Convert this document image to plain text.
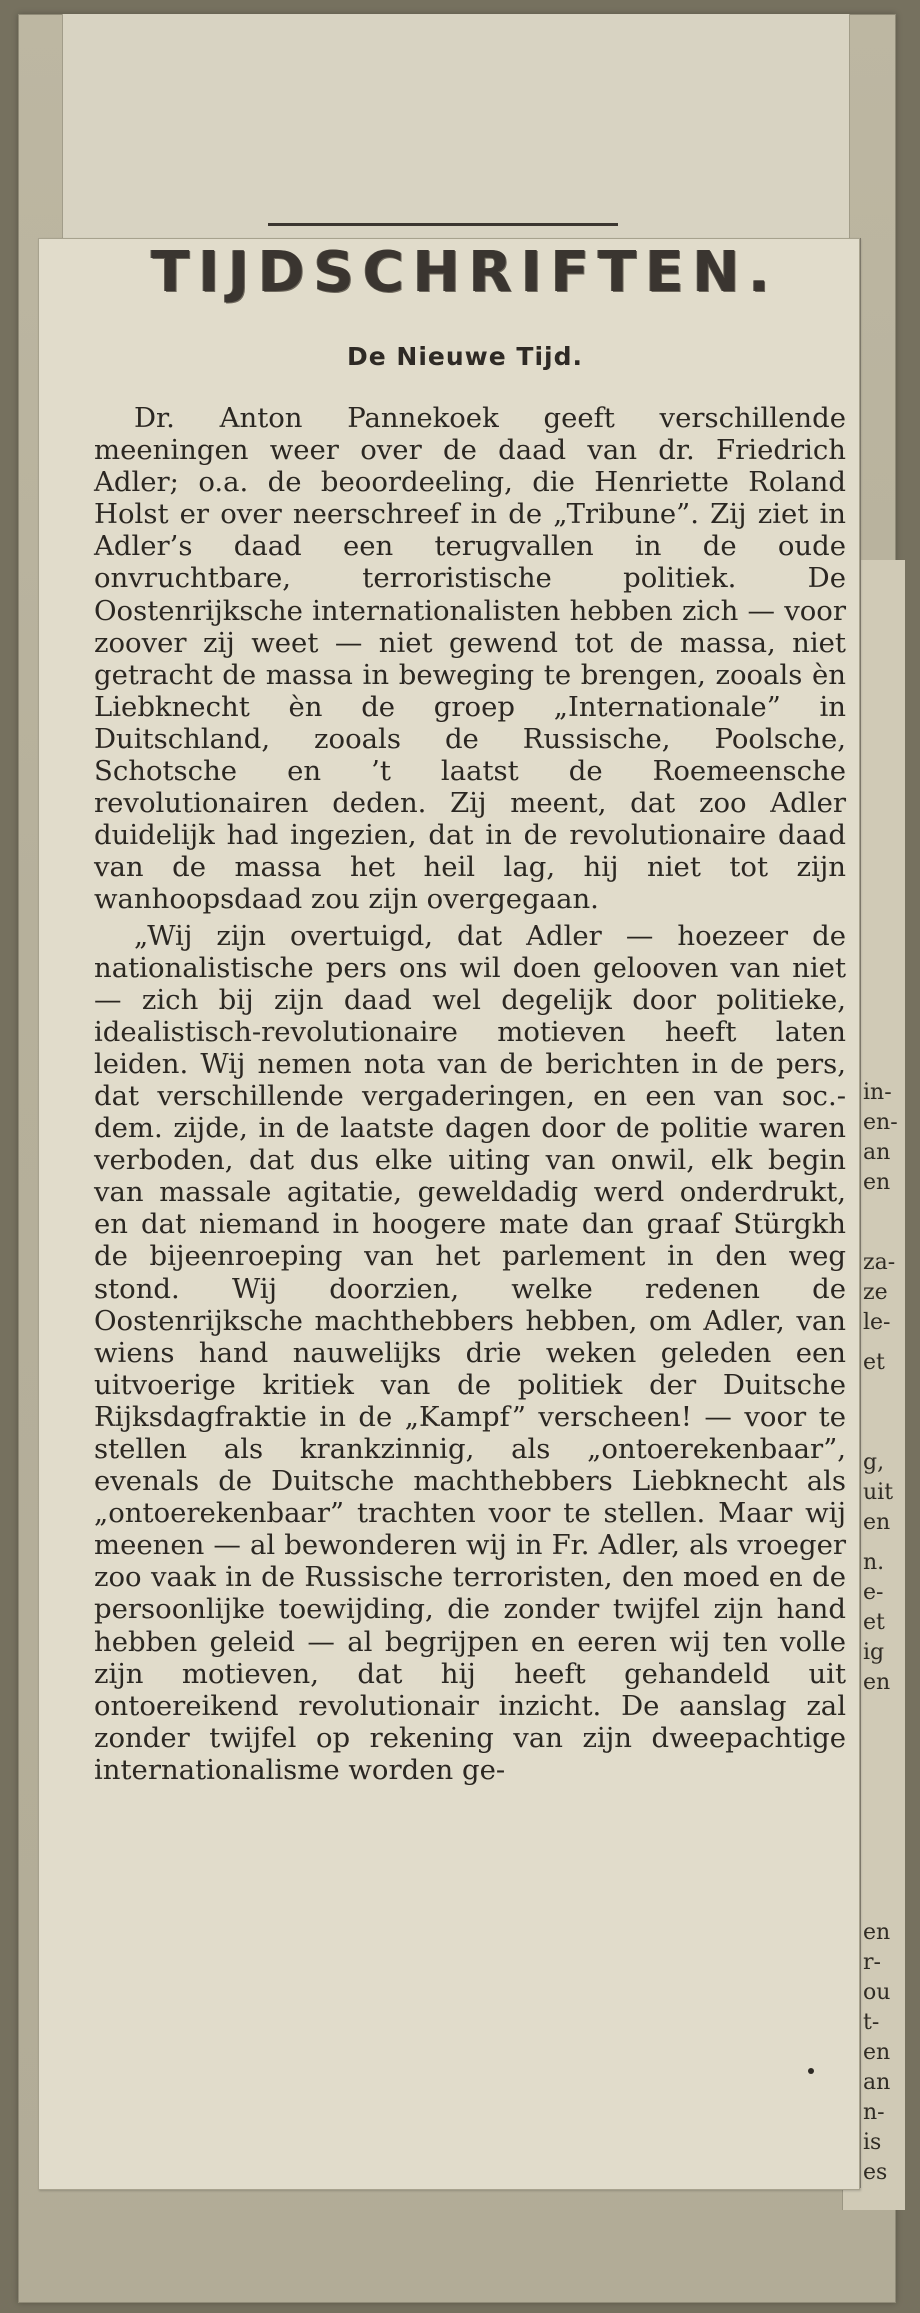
in-
en-
an
en
za-
ze
le-
et
g,
uit
en
n.
e-
et
ig
en
en
r-
ou
t-
en
an
n-
is
es
TIJDSCHRIFTEN.
De Nieuwe Tijd.

Dr. Anton Pannekoek geeft verschillende meeningen weer over de daad van dr. Friedrich Adler; o.a. de beoordeeling, die Henriette Roland Holst er over neerschreef in de „Tribune”. Zij ziet in Adler’s daad een terugvallen in de oude onvruchtbare, terroristische politiek. De Oostenrijksche internationalisten hebben zich — voor zoover zij weet — niet gewend tot de massa, niet getracht de massa in beweging te brengen, zooals èn Liebknecht èn de groep „Internationale” in Duitschland, zooals de Russische, Poolsche, Schotsche en ’t laatst de Roemeensche revolutionairen deden. Zij meent, dat zoo Adler duidelijk had ingezien, dat in de revolutionaire daad van de massa het heil lag, hij niet tot zijn wanhoopsdaad zou zijn overgegaan.

„Wij zijn overtuigd, dat Adler — hoezeer de nationalistische pers ons wil doen gelooven van niet — zich bij zijn daad wel degelijk door politieke, idealistisch-revolutionaire motieven heeft laten leiden. Wij nemen nota van de berichten in de pers, dat verschillende vergaderingen, en een van soc.-dem. zijde, in de laatste dagen door de politie waren verboden, dat dus elke uiting van onwil, elk begin van massale agitatie, geweldadig werd onderdrukt, en dat niemand in hoogere mate dan graaf Stürgkh de bijeenroeping van het parlement in den weg stond. Wij doorzien, welke redenen de Oostenrijksche machthebbers hebben, om Adler, van wiens hand nauwelijks drie weken geleden een uitvoerige kritiek van de politiek der Duitsche Rijksdagfraktie in de „Kampf” verscheen! — voor te stellen als krankzinnig, als „ontoerekenbaar”, evenals de Duitsche machthebbers Liebknecht als „ontoerekenbaar” trachten voor te stellen. Maar wij meenen — al bewonderen wij in Fr. Adler, als vroeger zoo vaak in de Russische terroristen, den moed en de persoonlijke toewijding, die zonder twijfel zijn hand hebben geleid — al begrijpen en eeren wij ten volle zijn motieven, dat hij heeft gehandeld uit ontoereikend revolutionair inzicht. De aanslag zal zonder twijfel op rekening van zijn dweepachtige internationalisme worden ge-
